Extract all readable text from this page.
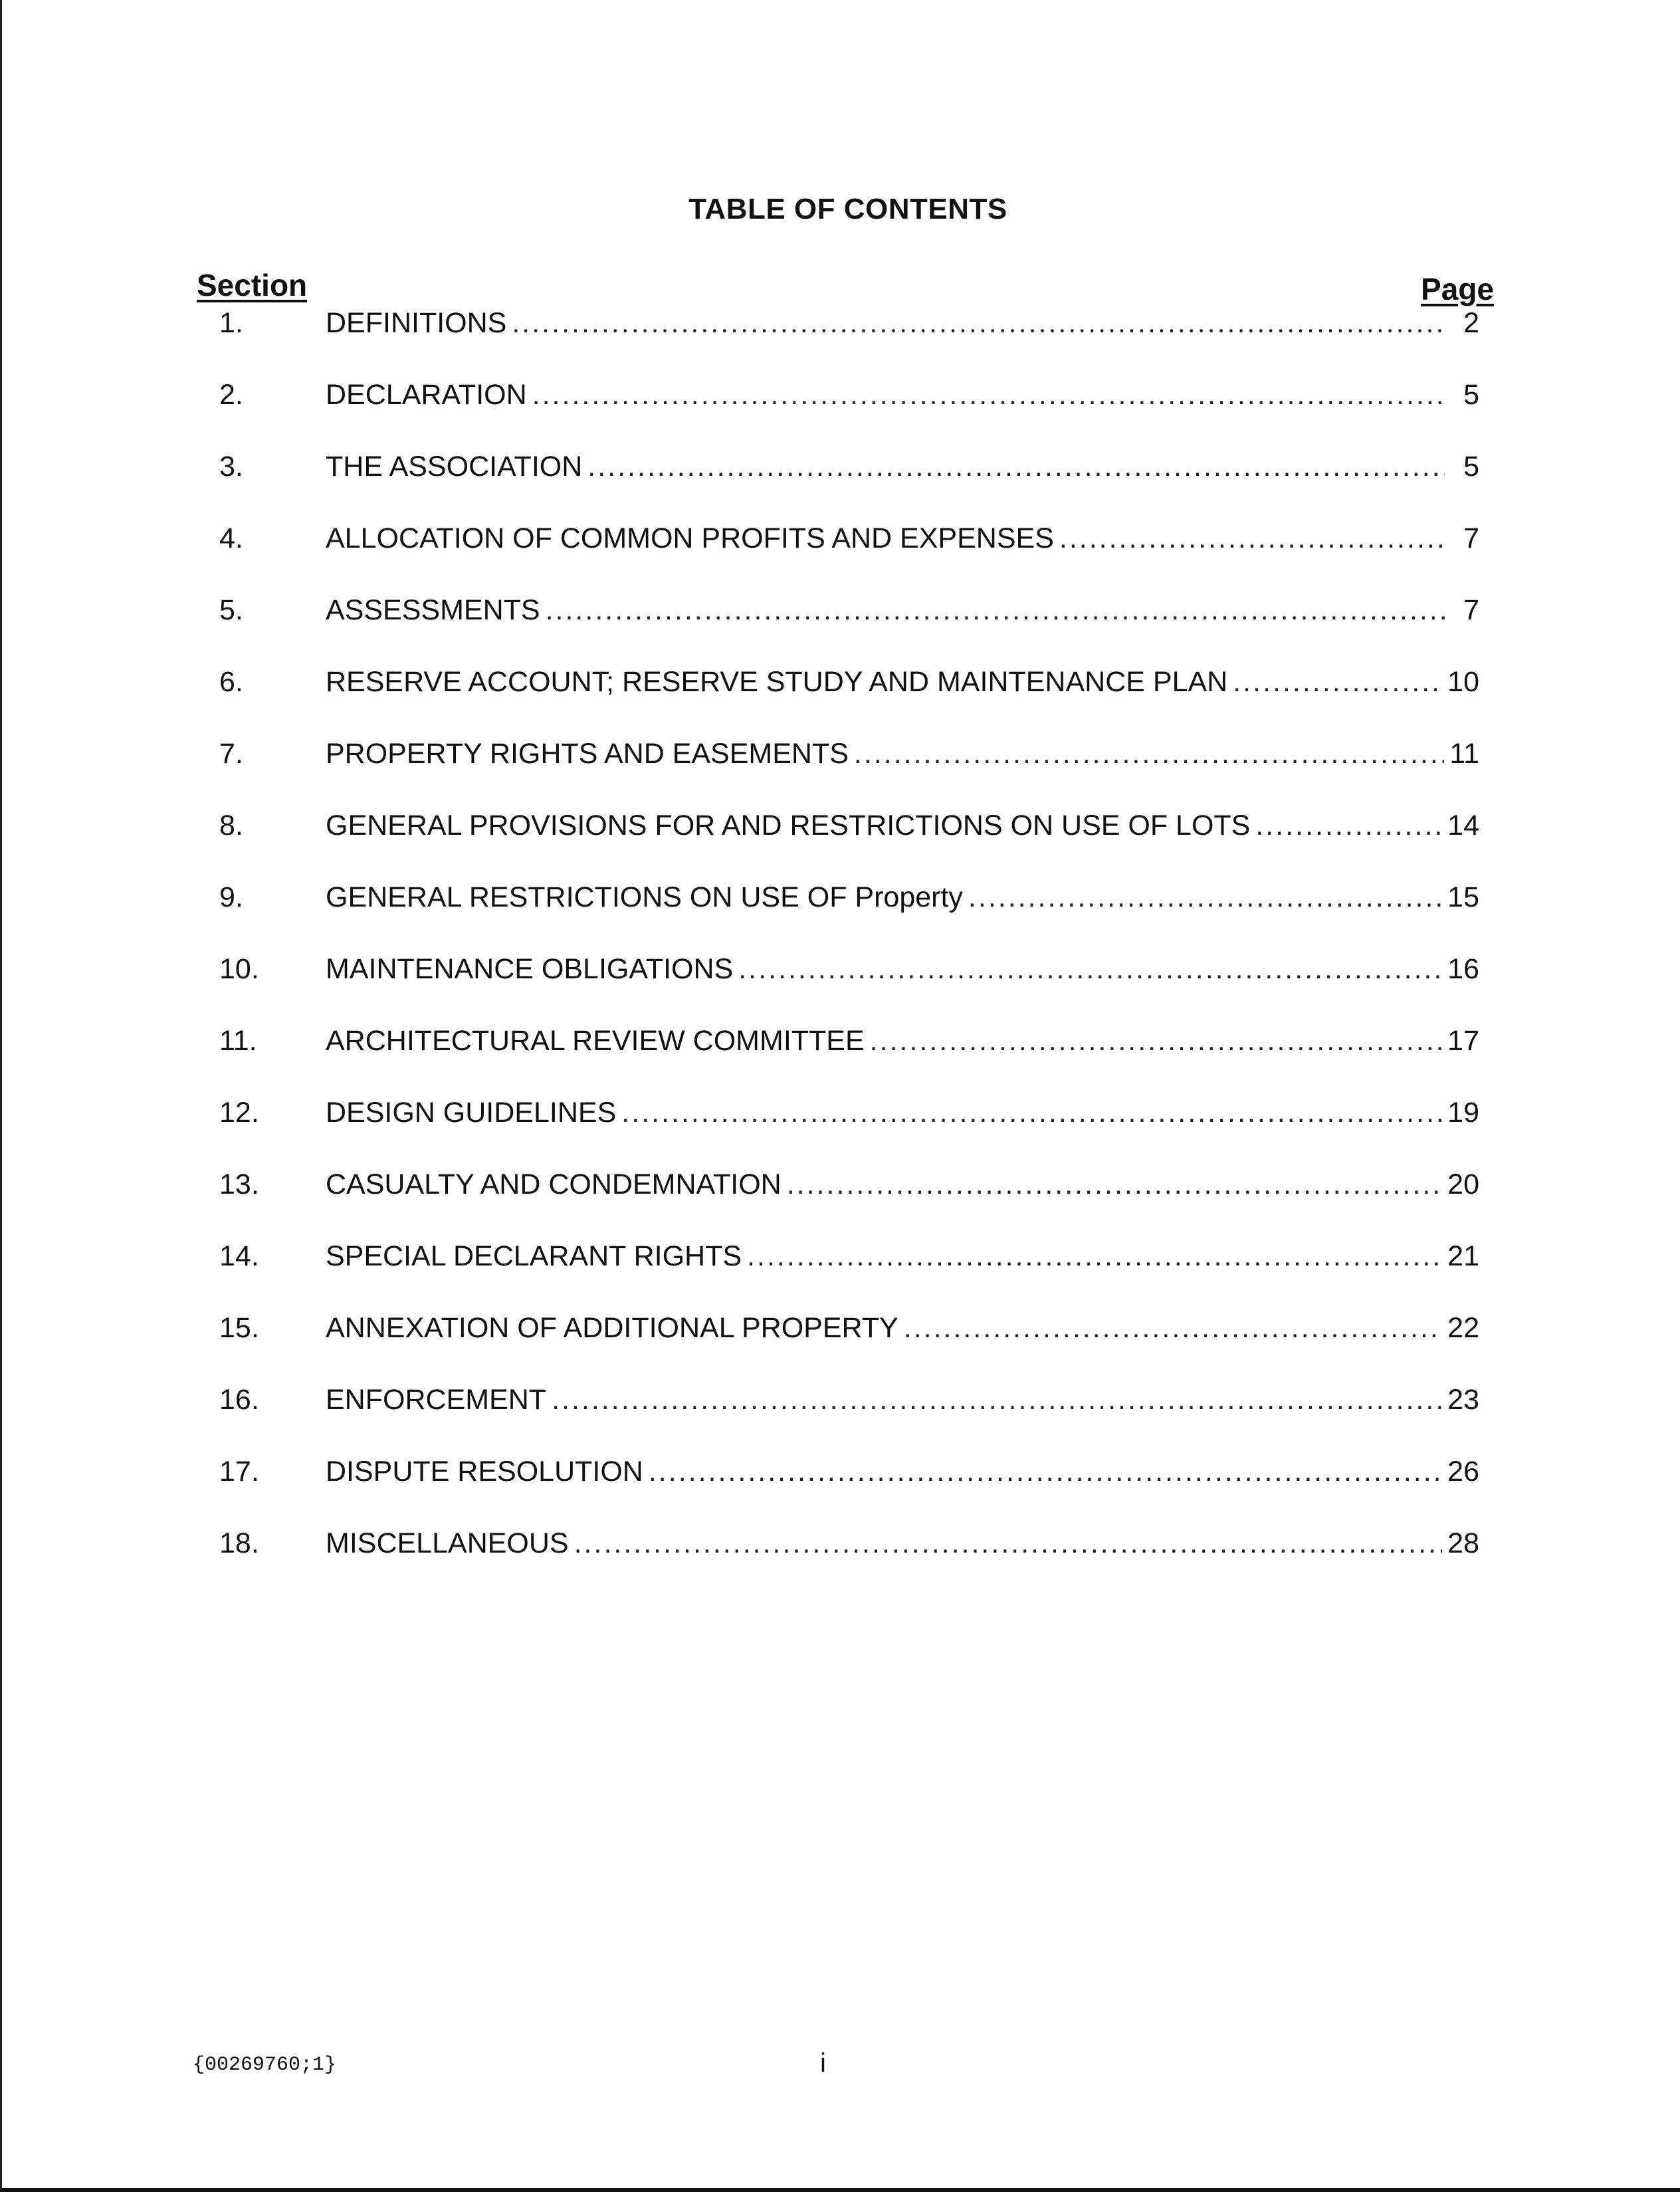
TABLE OF CONTENTS
Section	Page
1.	DEFINITIONS .....	2
2.	DECLARATION .....	5
3.	THE ASSOCIATION .....	5
4.	ALLOCATION OF COMMON PROFITS AND EXPENSES .....	7
5.	ASSESSMENTS .....	7
6.	RESERVE ACCOUNT; RESERVE STUDY AND MAINTENANCE PLAN .....	10
7.	PROPERTY RIGHTS AND EASEMENTS .....	11
8.	GENERAL PROVISIONS FOR AND RESTRICTIONS ON USE OF LOTS .....	14
9.	GENERAL RESTRICTIONS ON USE OF Property .....	15
10.	MAINTENANCE OBLIGATIONS .....	16
11.	ARCHITECTURAL REVIEW COMMITTEE .....	17
12.	DESIGN GUIDELINES .....	19
13.	CASUALTY AND CONDEMNATION .....	20
14.	SPECIAL DECLARANT RIGHTS .....	21
15.	ANNEXATION OF ADDITIONAL PROPERTY .....	22
16.	ENFORCEMENT .....	23
17.	DISPUTE RESOLUTION .....	26
18.	MISCELLANEOUS .....	28
{00269760;1}	i
